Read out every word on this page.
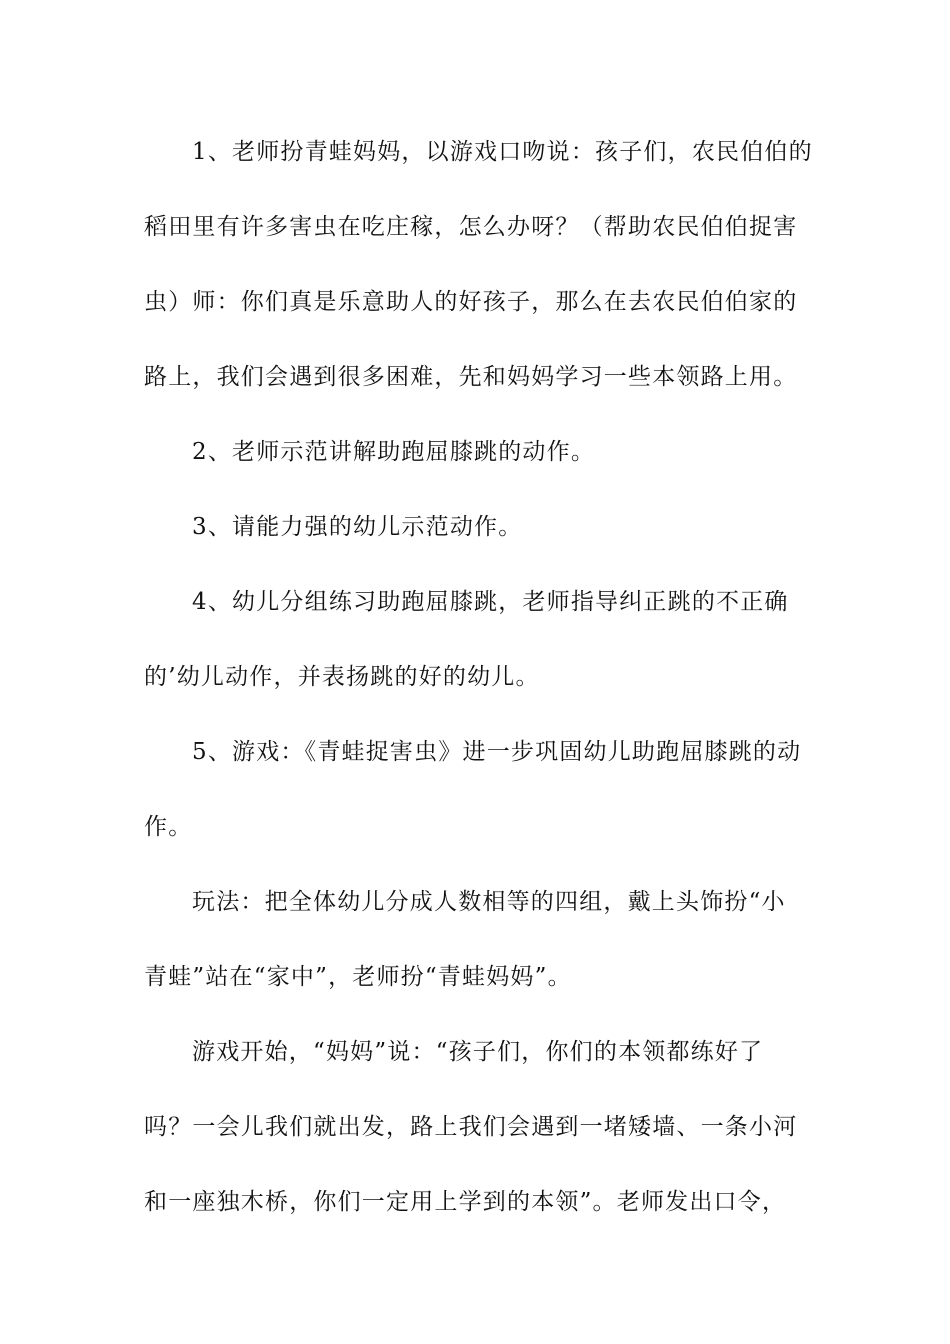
1、老师扮青蛙妈妈，以游戏口吻说：孩子们，农民伯伯的
稻田里有许多害虫在吃庄稼，怎么办呀？（帮助农民伯伯捉害
虫）师：你们真是乐意助人的好孩子，那么在去农民伯伯家的
路上，我们会遇到很多困难，先和妈妈学习一些本领路上用。
2、老师示范讲解助跑屈膝跳的动作。
3、请能力强的幼儿示范动作。
4、幼儿分组练习助跑屈膝跳，老师指导纠正跳的不正确
的’幼儿动作，并表扬跳的好的幼儿。
5、游戏：《青蛙捉害虫》进一步巩固幼儿助跑屈膝跳的动
作。
玩法：把全体幼儿分成人数相等的四组，戴上头饰扮“小
青蛙”站在“家中”，老师扮“青蛙妈妈”。
游戏开始，“妈妈”说：“孩子们，你们的本领都练好了
吗？一会儿我们就出发，路上我们会遇到一堵矮墙、一条小河
和一座独木桥，你们一定用上学到的本领”。老师发出口令，
